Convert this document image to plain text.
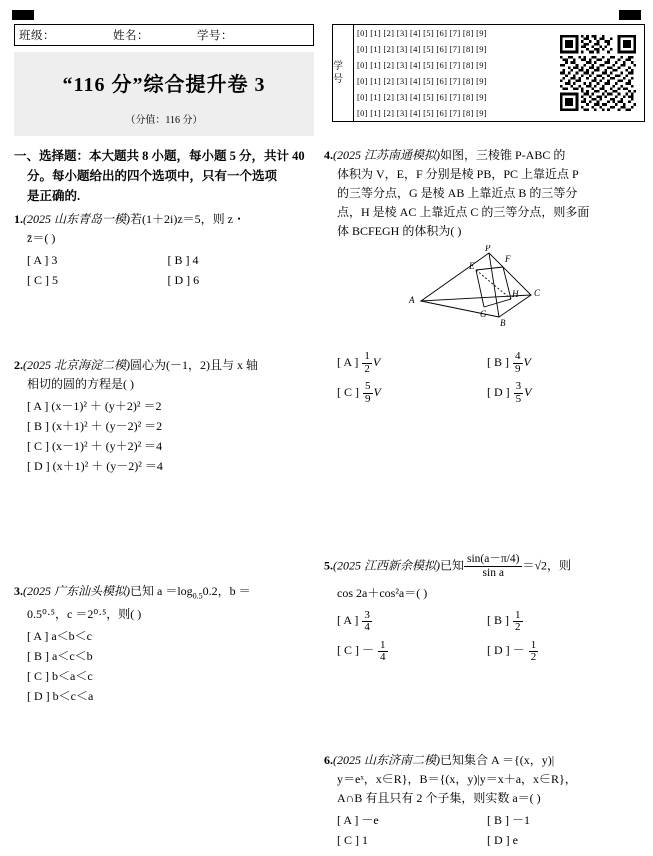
班级：	姓名：	学号：
“116 分”综合提升卷 3
（分值：116 分）
学 号
[0] [1] [2] [3] [4] [5] [6] [7] [8] [9]
[0] [1] [2] [3] [4] [5] [6] [7] [8] [9]
[0] [1] [2] [3] [4] [5] [6] [7] [8] [9]
[0] [1] [2] [3] [4] [5] [6] [7] [8] [9]
[0] [1] [2] [3] [4] [5] [6] [7] [8] [9]
[0] [1] [2] [3] [4] [5] [6] [7] [8] [9]
一、选择题：本大题共 8 小题，每小题 5 分，共计 40
分。每小题给出的四个选项中，只有一个选项
是正确的.
1.(2025 山东青岛一模)若(1＋2i)z＝5，则 z・
z̄＝( )
[ A ] 3	[ B ] 4
[ C ] 5	[ D ] 6
2.(2025 北京海淀二模)圆心为(－1，2)且与 x 轴
相切的圆的方程是( )
[ A ] (x－1)² ＋ (y＋2)² ＝2
[ B ] (x＋1)² ＋ (y－2)² ＝2
[ C ] (x－1)² ＋ (y＋2)² ＝4
[ D ] (x＋1)² ＋ (y－2)² ＝4
3.(2025 广东汕头模拟)已知 $a =\log_{0.5}0.2$，b ＝
0.5⁰·⁵，c ＝2⁰·⁵，则( )
[ A ] a＜b＜c
[ B ] a＜c＜b
[ C ] b＜a＜c
[ D ] b＜c＜a
4.(2025 江苏南通模拟)如图，三棱锥 P-ABC 的
体积为 V，E，F 分别是棱 PB，PC 上靠近点 P
的三等分点，G 是棱 AB 上靠近点 B 的三等分
点，H 是棱 AC 上靠近点 C 的三等分点，则多面
体 BCFEGH 的体积为( )
P
F
E
A
H C
G
B
[ A ] $\frac{1}{2}$ V	[ B ] $\frac{4}{9}$ V
[ C ] $\frac{5}{9}$ V	[ D ] $\frac{3}{5}$ V
5.(2025 江西新余模拟)已知 $\frac{\sin(a-\pi/4)}{\text{sin a}} =√2$，则
cos 2a＋cos²a＝( )
[ A ] $\frac{3}{4}$	[ B ] $\frac{1}{2}$
[ C ] － $\frac{1}{4}$	[ D ] － $\frac{1}{2}$
6.(2025 山东济南二模)已知集合 A ＝{(x，y)|
y＝eˣ，x∈R}，B＝{(x，y)|y＝x＋a，x∈R}，
A∩B 有且只有 2 个子集，则实数 a＝( )
[ A ] －e	[ B ] －1
[ C ] 1	[ D ] e
